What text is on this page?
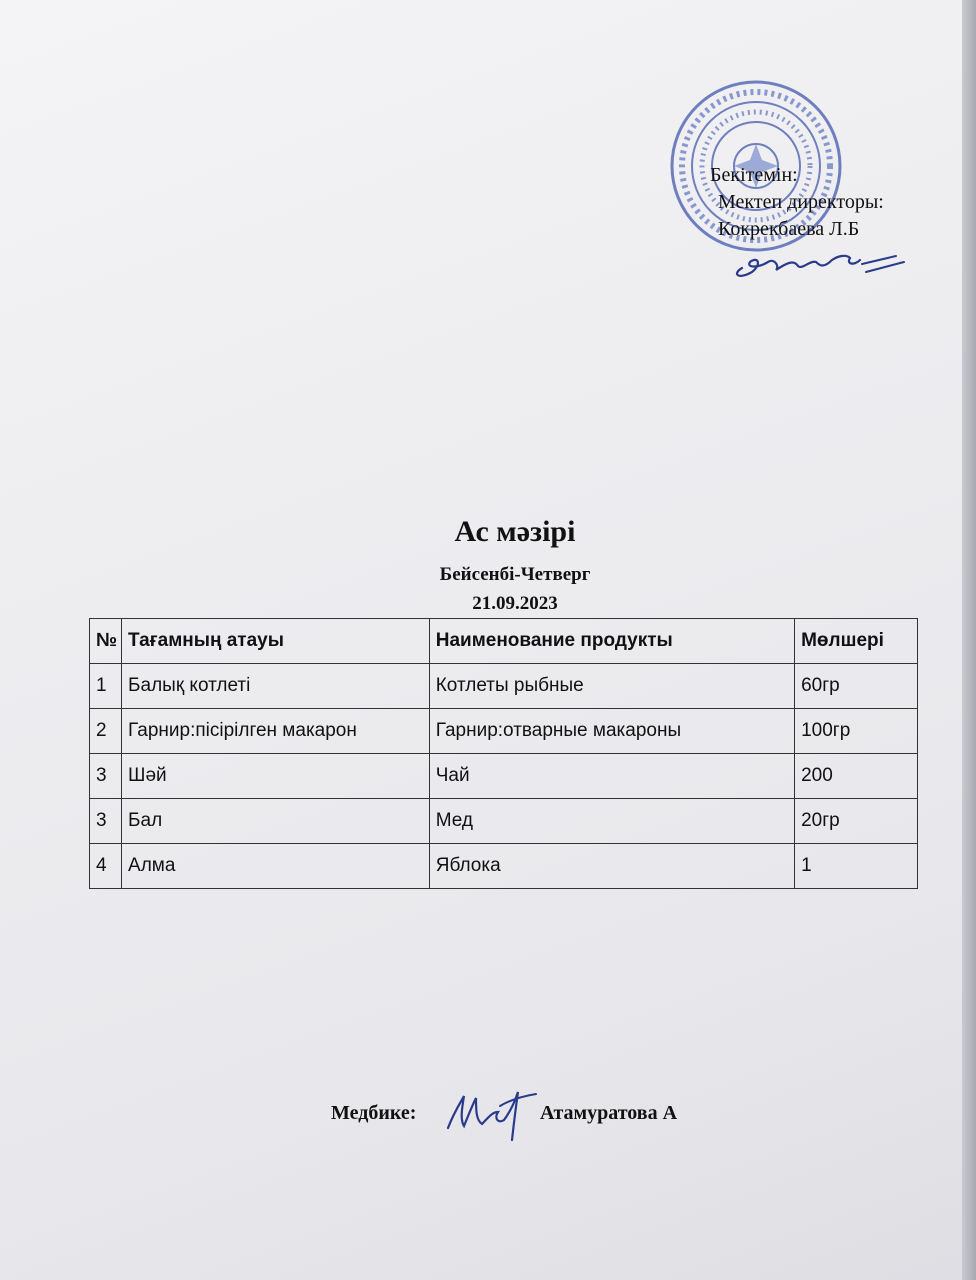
Бекітемін:
Мектеп директоры:
Кокрекбаева Л.Б
Ас мәзірі
Бейсенбі-Четверг
21.09.2023
№	Тағамның атауы	Наименование продукты	Мөлшері
1	Балық котлеті	Котлеты рыбные	60гр
2	Гарнир:пісірілген макарон	Гарнир:отварные макароны	100гр
3	Шәй	Чай	200
3	Бал	Мед	20гр
4	Алма	Яблока	1
Медбике:	Атамуратова А
